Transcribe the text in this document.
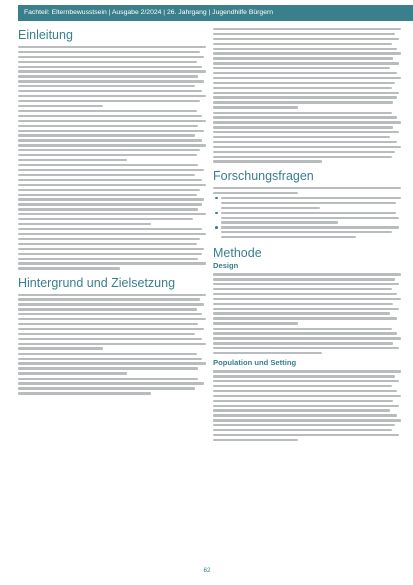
Fachteil: Elternbewusstsein | Ausgabe 2/2024 | 26. Jahrgang | Jugendhilfe Bürgern
Einleitung
Hintergrund und Zielsetzung
Forschungsfragen
Methode
Design
Population und Setting
62
